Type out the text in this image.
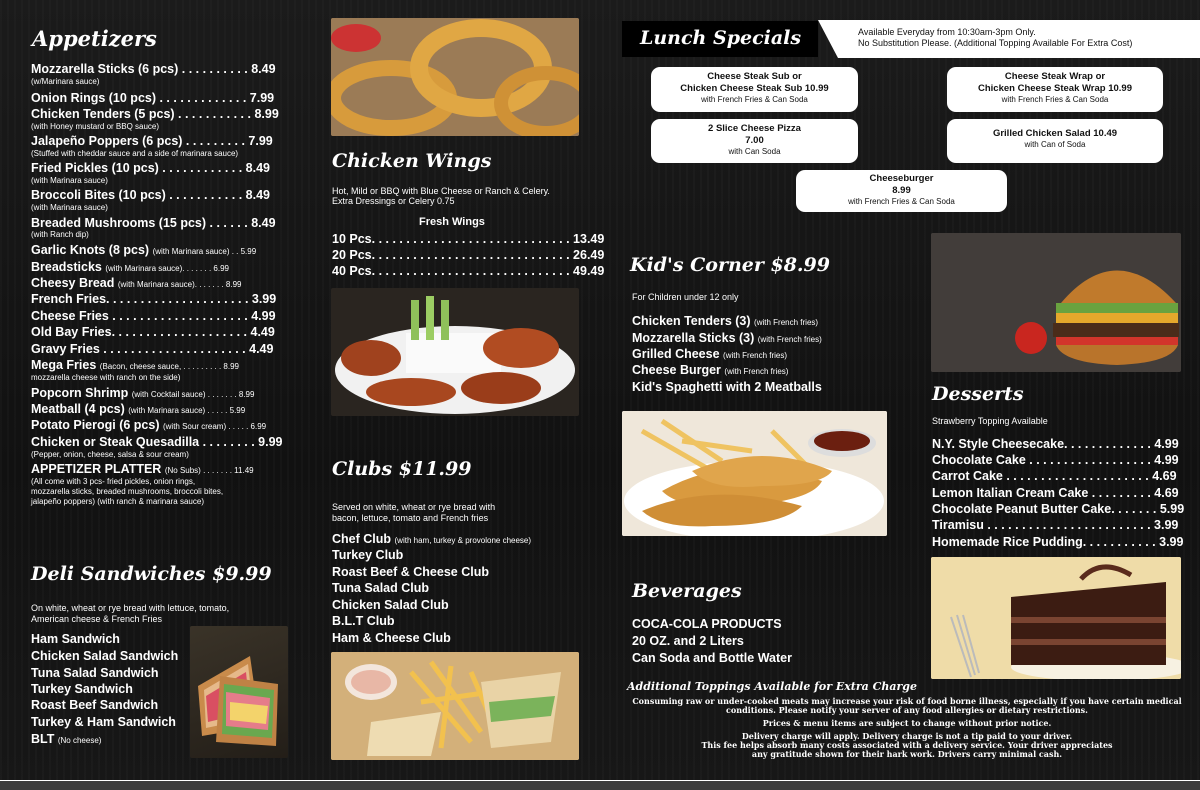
Appetizers
Mozzarella Sticks (6 pcs) . . . . . . . . . . 8.49
(w/Marinara sauce)
Onion Rings (10 pcs) . . . . . . . . . . . . . 7.99
Chicken Tenders (5 pcs) . . . . . . . . . . . 8.99
(with Honey mustard or BBQ sauce)
Jalapeño Poppers (6 pcs) . . . . . . . . . 7.99
(Stuffed with cheddar sauce and a side of marinara sauce)
Fried Pickles (10 pcs) . . . . . . . . . . . . 8.49
(with Marinara sauce)
Broccoli Bites (10 pcs) . . . . . . . . . . . 8.49
(with Marinara sauce)
Breaded Mushrooms (15 pcs) . . . . . . 8.49
(with Ranch dip)
Garlic Knots (8 pcs) (with Marinara sauce) . . 5.99
Breadsticks (with Marinara sauce). . . . . . . 6.99
Cheesy Bread (with Marinara sauce). . . . . . . 8.99
French Fries. . . . . . . . . . . . . . . . . . . . . 3.99
Cheese Fries . . . . . . . . . . . . . . . . . . . . 4.99
Old Bay Fries. . . . . . . . . . . . . . . . . . . . 4.49
Gravy Fries . . . . . . . . . . . . . . . . . . . . . 4.49
Mega Fries (Bacon, cheese sauce, . . . . . . . . . 8.99
mozzarella cheese with ranch on the side)
Popcorn Shrimp (with Cocktail sauce) . . . . . . . 8.99
Meatball (4 pcs) (with Marinara sauce) . . . . . 5.99
Potato Pierogi (6 pcs) (with Sour cream) . . . . . 6.99
Chicken or Steak Quesadilla . . . . . . . . 9.99
(Pepper, onion, cheese, salsa & sour cream)
APPETIZER PLATTER (No Subs) . . . . . . . 11.49
(All come with 3 pcs- fried pickles, onion rings,
mozzarella sticks, breaded mushrooms, broccoli bites,
jalapeño poppers) (with ranch & marinara sauce)
Deli Sandwiches $9.99
On white, wheat or rye bread with lettuce, tomato,
American cheese & French Fries
Ham Sandwich
Chicken Salad Sandwich
Tuna Salad Sandwich
Turkey Sandwich
Roast Beef Sandwich
Turkey & Ham Sandwich
BLT (No cheese)
Chicken Wings
Hot, Mild or BBQ with Blue Cheese or Ranch & Celery.
Extra Dressings or Celery 0.75
Fresh Wings
10 Pcs. . . . . . . . . . . . . . . . . . . . . . . . . . . . . 13.49
20 Pcs. . . . . . . . . . . . . . . . . . . . . . . . . . . . . 26.49
40 Pcs. . . . . . . . . . . . . . . . . . . . . . . . . . . . . 49.49
Clubs $11.99
Served on white, wheat or rye bread with
bacon, lettuce, tomato and French fries
Chef Club (with ham, turkey & provolone cheese)
Turkey Club
Roast Beef & Cheese Club
Tuna Salad Club
Chicken Salad Club
B.L.T Club
Ham & Cheese Club
Lunch Specials	Available Everyday from 10:30am-3pm Only.
No Substitution Please. (Additional Topping Available For Extra Cost)
Cheese Steak Sub or
Chicken Cheese Steak Sub 10.99
with French Fries & Can Soda
Cheese Steak Wrap or
Chicken Cheese Steak Wrap 10.99
with French Fries & Can Soda
2 Slice Cheese Pizza
7.00
with Can Soda
Grilled Chicken Salad 10.49
with Can of Soda
Cheeseburger
8.99
with French Fries & Can Soda
Kid's Corner $8.99
For Children under 12 only
Chicken Tenders (3) (with French fries)
Mozzarella Sticks (3) (with French fries)
Grilled Cheese (with French fries)
Cheese Burger (with French fries)
Kid's Spaghetti with 2 Meatballs
Beverages
COCA-COLA PRODUCTS
20 OZ. and 2 Liters
Can Soda and Bottle Water
Desserts
Strawberry Topping Available
N.Y. Style Cheesecake. . . . . . . . . . . . . 4.99
Chocolate Cake . . . . . . . . . . . . . . . . . . 4.99
Carrot Cake . . . . . . . . . . . . . . . . . . . . . 4.69
Lemon Italian Cream Cake . . . . . . . . . 4.69
Chocolate Peanut Butter Cake. . . . . . . 5.99
Tiramisu . . . . . . . . . . . . . . . . . . . . . . . . 3.99
Homemade Rice Pudding. . . . . . . . . . . 3.99
Additional Toppings Available for Extra Charge
Consuming raw or under-cooked meats may increase your risk of food borne illness, especially if you have certain medical
conditions. Please notify your server of any food allergies or dietary restrictions.
Prices & menu items are subject to change without prior notice.
Delivery charge will apply. Delivery charge is not a tip paid to your driver.
This fee helps absorb many costs associated with a delivery service. Your driver appreciates
any gratitude shown for their hark work. Drivers carry minimal cash.
